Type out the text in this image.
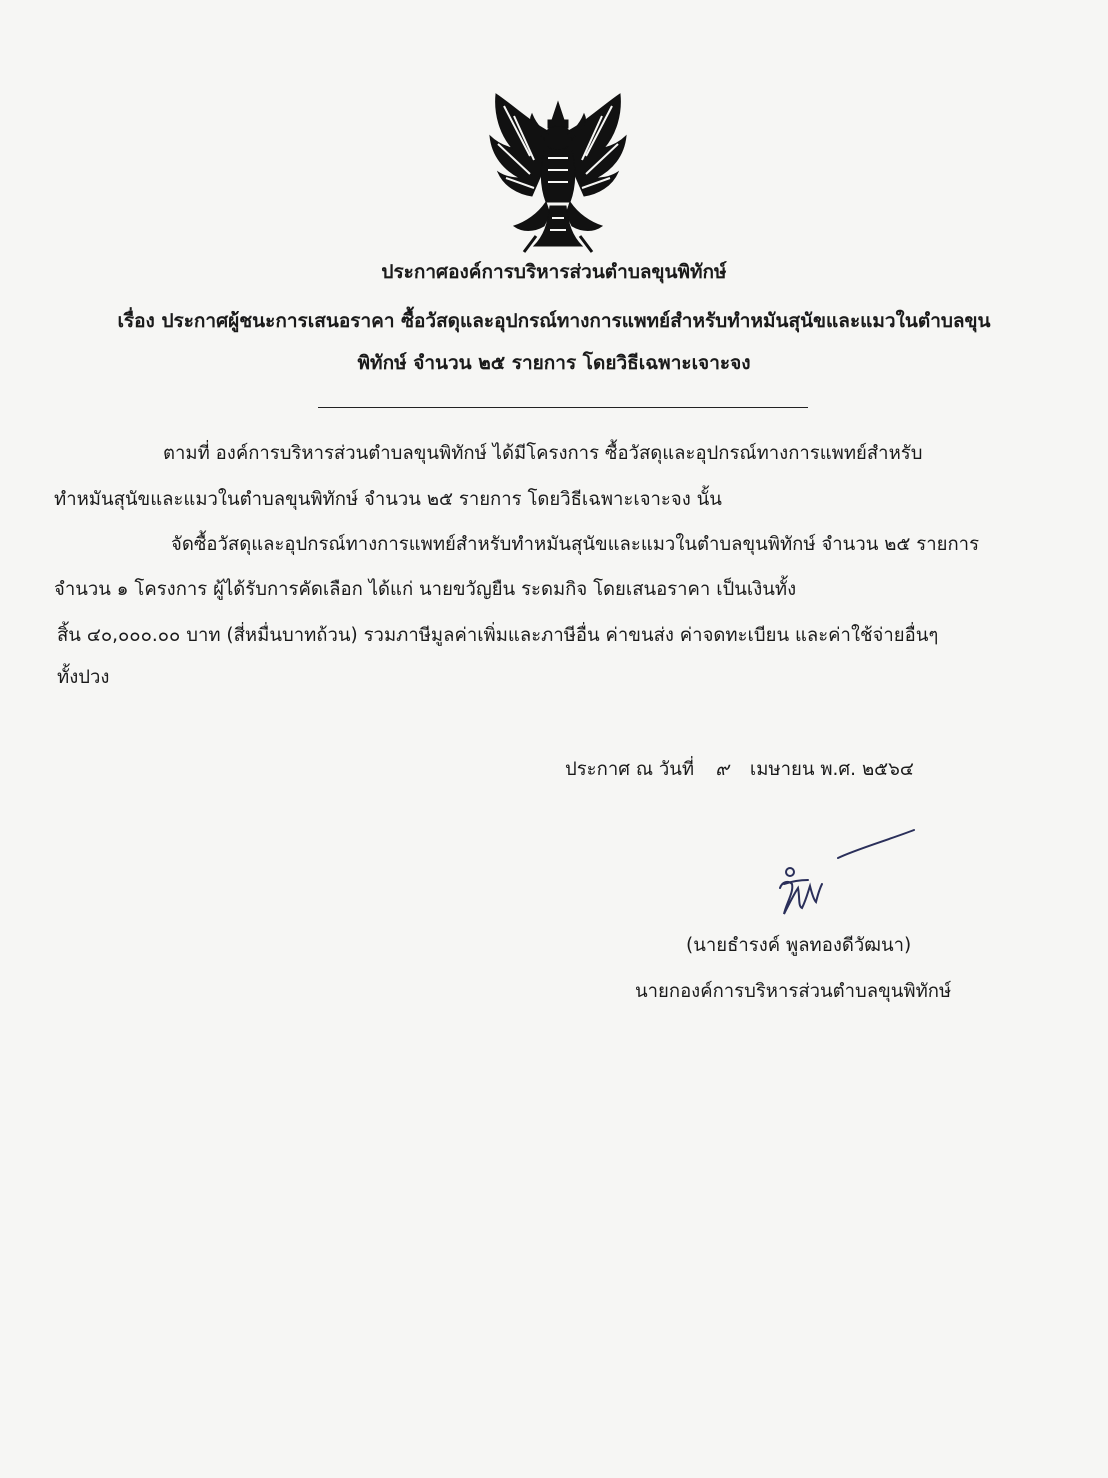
ประกาศองค์การบริหารส่วนตำบลขุนพิทักษ์
เรื่อง ประกาศผู้ชนะการเสนอราคา ซื้อวัสดุและอุปกรณ์ทางการแพทย์สำหรับทำหมันสุนัขและแมวในตำบลขุน
พิทักษ์ จำนวน ๒๕ รายการ โดยวิธีเฉพาะเจาะจง
ตามที่ องค์การบริหารส่วนตำบลขุนพิทักษ์ ได้มีโครงการ ซื้อวัสดุและอุปกรณ์ทางการแพทย์สำหรับ
ทำหมันสุนัขและแมวในตำบลขุนพิทักษ์ จำนวน ๒๕ รายการ โดยวิธีเฉพาะเจาะจง นั้น
จัดซื้อวัสดุและอุปกรณ์ทางการแพทย์สำหรับทำหมันสุนัขและแมวในตำบลขุนพิทักษ์ จำนวน ๒๕ รายการ
จำนวน ๑ โครงการ ผู้ได้รับการคัดเลือก ได้แก่ นายขวัญยืน ระดมกิจ โดยเสนอราคา เป็นเงินทั้ง
สิ้น ๔๐,๐๐๐.๐๐ บาท (สี่หมื่นบาทถ้วน) รวมภาษีมูลค่าเพิ่มและภาษีอื่น ค่าขนส่ง ค่าจดทะเบียน และค่าใช้จ่ายอื่นๆ
ทั้งปวง
ประกาศ ณ วันที่ ๙ เมษายน พ.ศ. ๒๕๖๔
(นายธำรงค์ พูลทองดีวัฒนา)
นายกองค์การบริหารส่วนตำบลขุนพิทักษ์
